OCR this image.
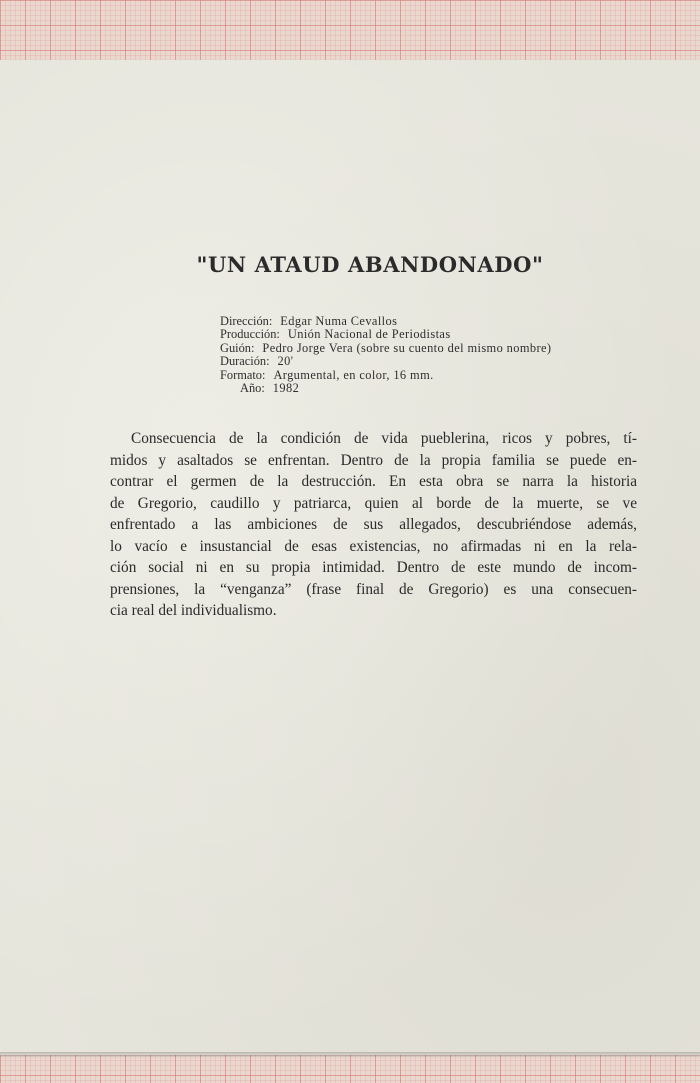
"UN ATAUD ABANDONADO"
Dirección: Edgar Numa Cevallos
Producción: Unión Nacional de Periodistas
Guión: Pedro Jorge Vera (sobre su cuento del mismo nombre)
Duración: 20'
Formato: Argumental, en color, 16 mm.
Año: 1982
Consecuencia de la condición de vida pueblerina, ricos y pobres, tí-
midos y asaltados se enfrentan. Dentro de la propia familia se puede en-
contrar el germen de la destrucción. En esta obra se narra la historia
de Gregorio, caudillo y patriarca, quien al borde de la muerte, se ve
enfrentado a las ambiciones de sus allegados, descubriéndose además,
lo vacío e insustancial de esas existencias, no afirmadas ni en la rela-
ción social ni en su propia intimidad. Dentro de este mundo de incom-
prensiones, la “venganza” (frase final de Gregorio) es una consecuen-
cia real del individualismo.
